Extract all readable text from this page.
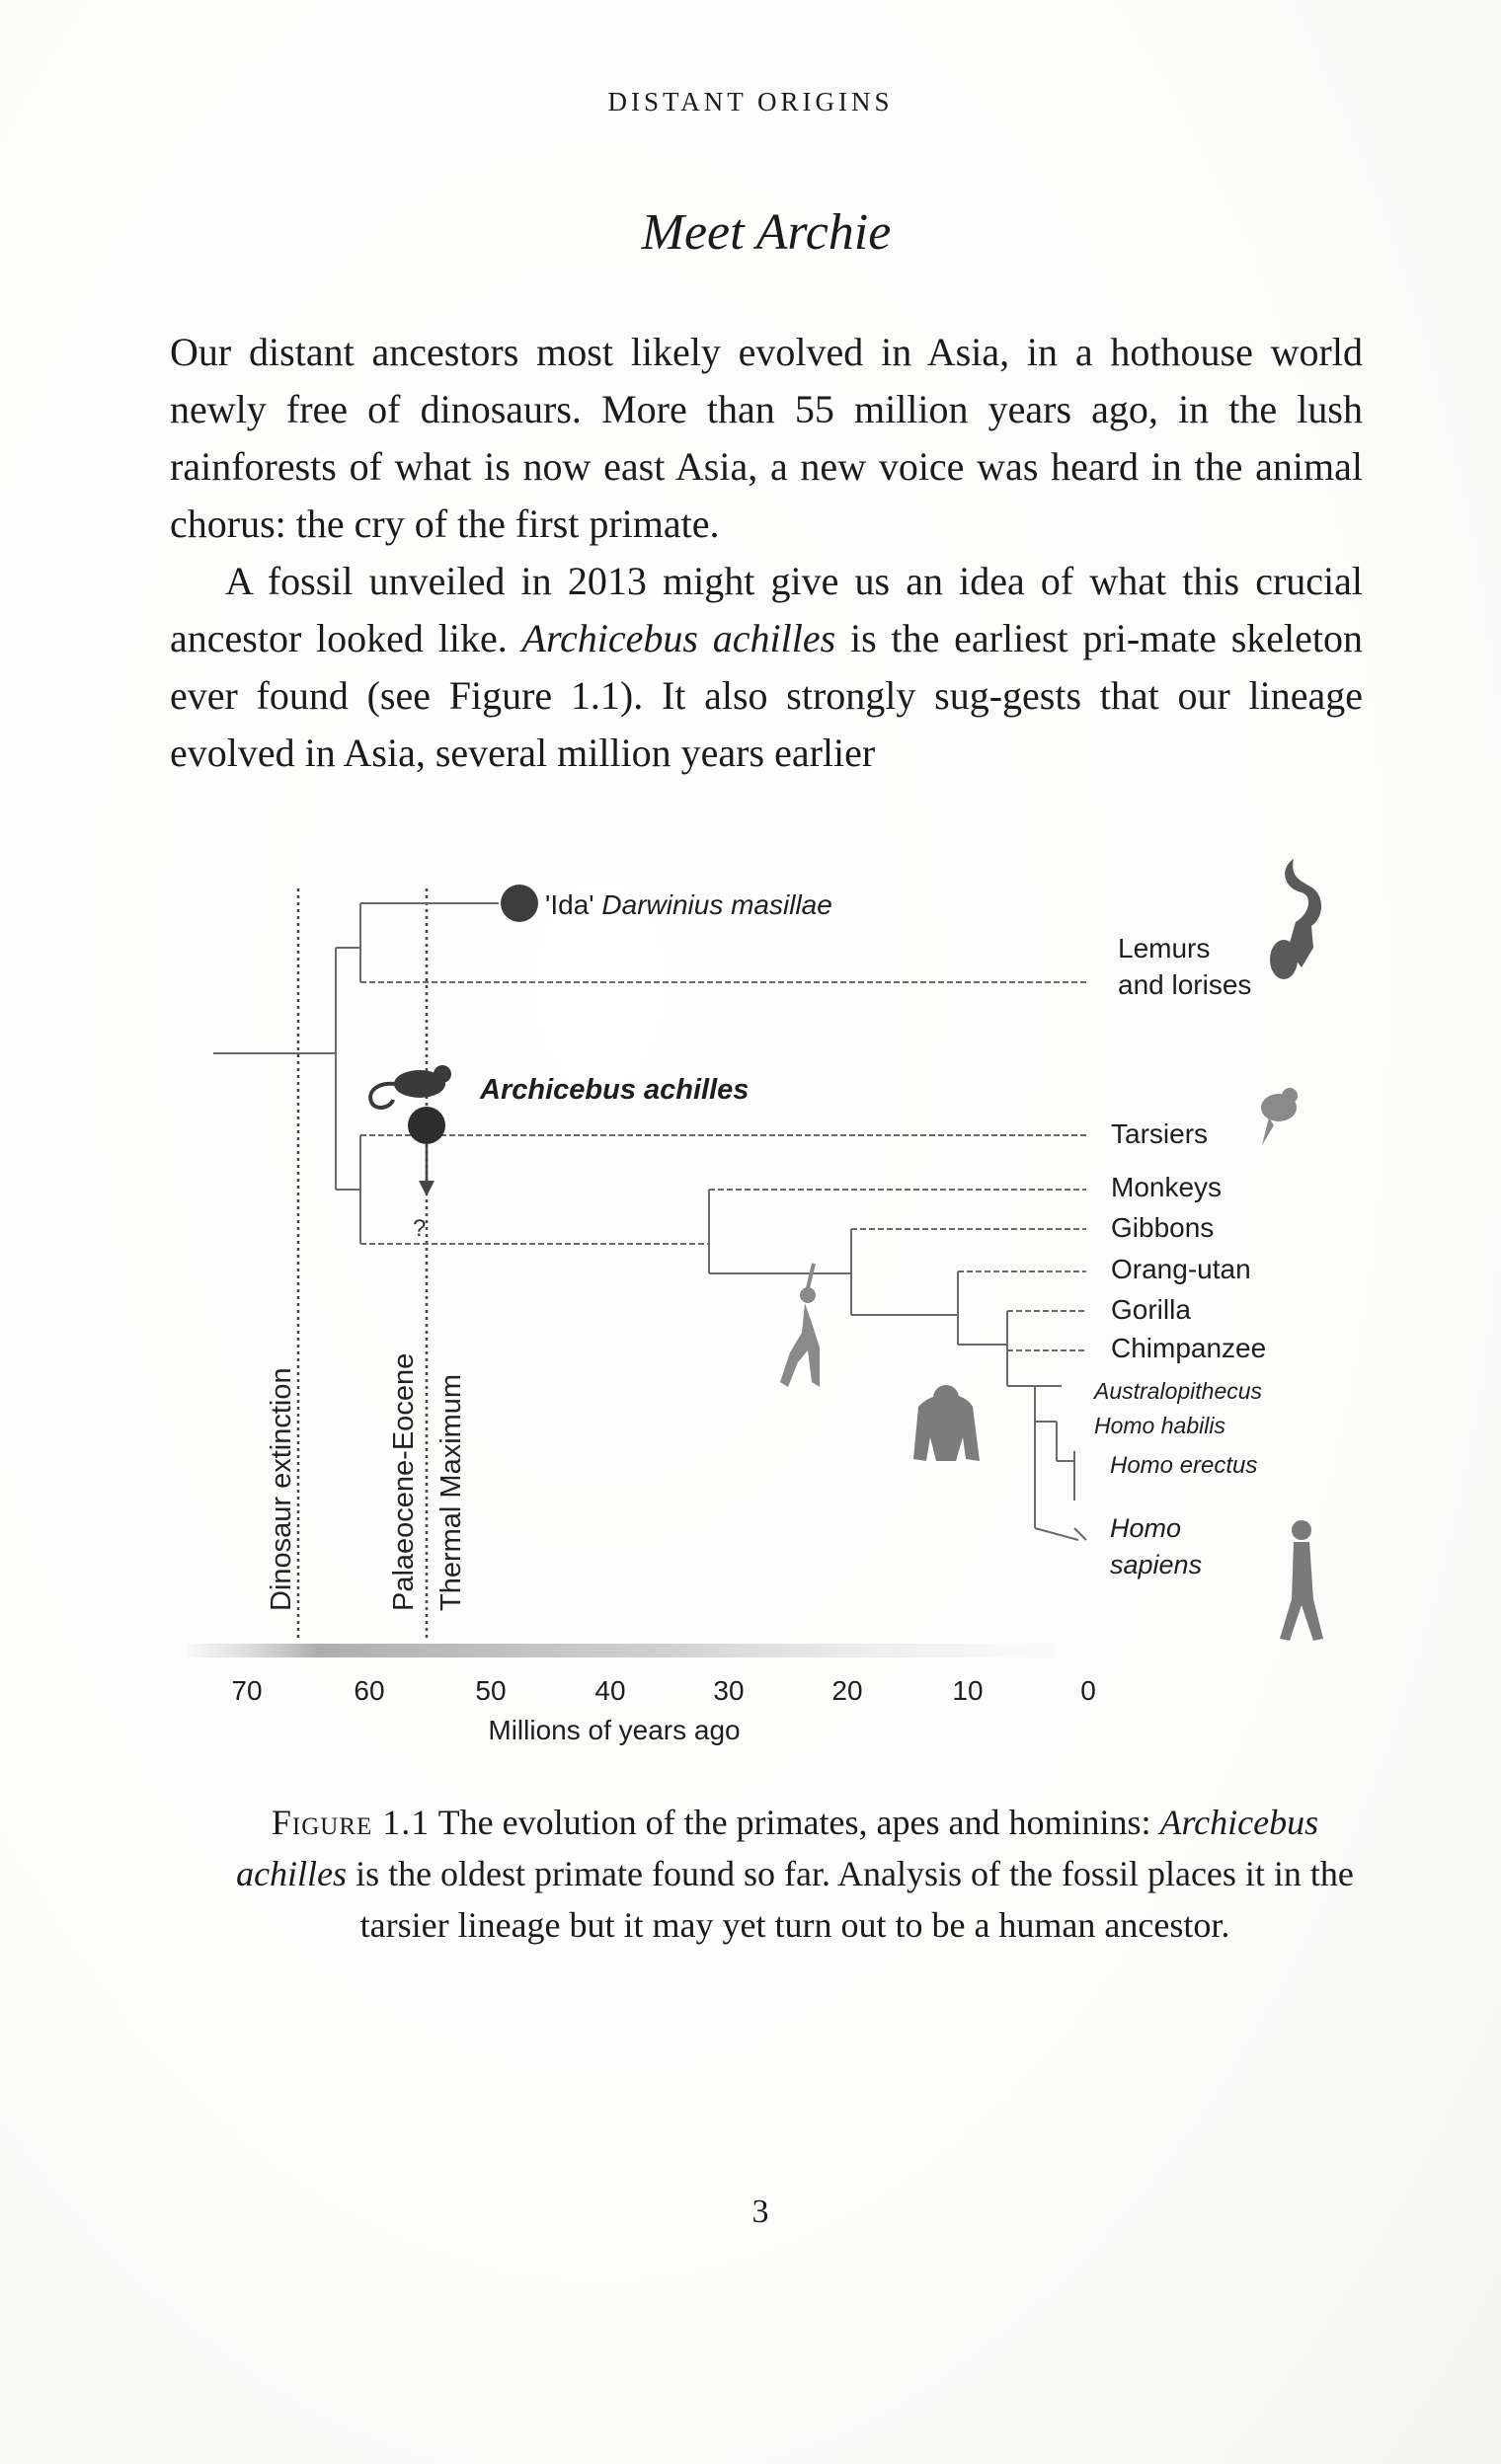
DISTANT ORIGINS
Meet Archie

Our distant ancestors most likely evolved in Asia, in a hothouse world newly free of dinosaurs. More than 55 million years ago, in the lush rainforests of what is now east Asia, a new voice was heard in the animal chorus: the cry of the first primate.

A fossil unveiled in 2013 might give us an idea of what this crucial ancestor looked like. Archicebus achilles is the earliest pri-mate skeleton ever found (see Figure 1.1). It also strongly sug-gests that our lineage evolved in Asia, several million years earlier

Dinosaur extinction	Palaeocene-Eocene Thermal Maximum
?
'Ida' Darwinius masillae
Archicebus achilles
Lemurs
and lorises
Tarsiers
Monkeys
Gibbons
Orang-utan
Gorilla
Chimpanzee
Australopithecus
Homo habilis
Homo erectus
Homo
sapiens
70	60	50	40	30	20	10	0
Millions of years ago
Figure 1.1 The evolution of the primates, apes and hominins: Archicebus achilles is the oldest primate found so far. Analysis of the fossil places it in the tarsier lineage but it may yet turn out to be a human ancestor.
3
